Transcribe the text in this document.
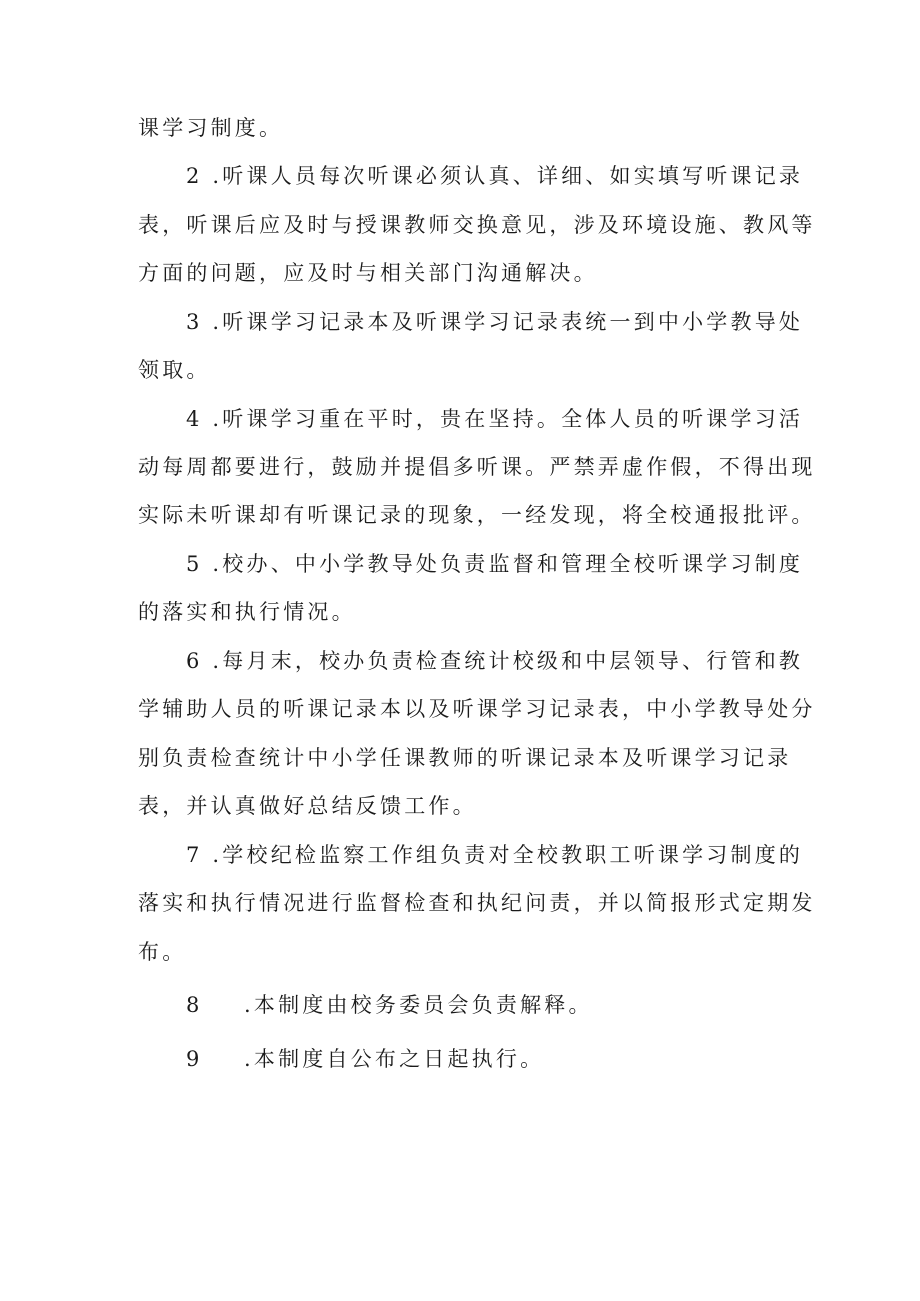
课学习制度。
2 .听课人员每次听课必须认真、详细、如实填写听课记录
表，听课后应及时与授课教师交换意见，涉及环境设施、教风等
方面的问题，应及时与相关部门沟通解决。
3 .听课学习记录本及听课学习记录表统一到中小学教导处
领取。
4 .听课学习重在平时，贵在坚持。全体人员的听课学习活
动每周都要进行，鼓励并提倡多听课。严禁弄虚作假，不得出现
实际未听课却有听课记录的现象，一经发现，将全校通报批评。
5 .校办、中小学教导处负责监督和管理全校听课学习制度
的落实和执行情况。
6 .每月末，校办负责检查统计校级和中层领导、行管和教
学辅助人员的听课记录本以及听课学习记录表，中小学教导处分
别负责检查统计中小学任课教师的听课记录本及听课学习记录
表，并认真做好总结反馈工作。
7 .学校纪检监察工作组负责对全校教职工听课学习制度的
落实和执行情况进行监督检查和执纪问责，并以简报形式定期发
布。
8 .本制度由校务委员会负责解释。
9 .本制度自公布之日起执行。
